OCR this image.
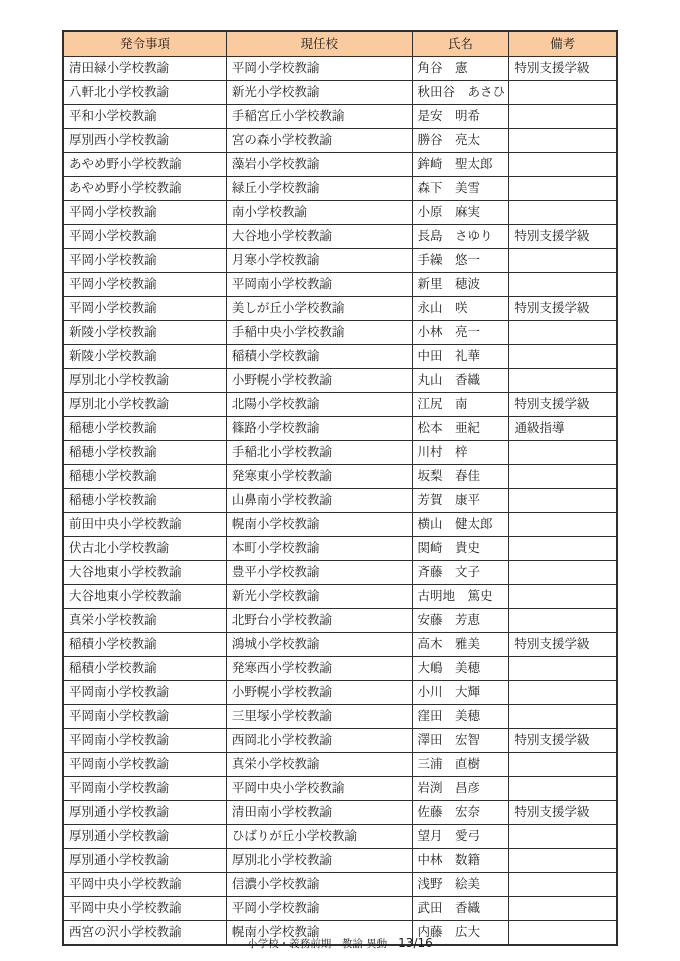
発令事項	現任校	氏名	備考
清田緑小学校教諭	平岡小学校教諭	角谷　憲	特別支援学級
八軒北小学校教諭	新光小学校教諭	秋田谷　あさひ	
平和小学校教諭	手稲宮丘小学校教諭	是安　明希	
厚別西小学校教諭	宮の森小学校教諭	勝谷　亮太	
あやめ野小学校教諭	藻岩小学校教諭	鉾崎　聖太郎	
あやめ野小学校教諭	緑丘小学校教諭	森下　美雪	
平岡小学校教諭	南小学校教諭	小原　麻実	
平岡小学校教諭	大谷地小学校教諭	長島　さゆり	特別支援学級
平岡小学校教諭	月寒小学校教諭	手繰　悠一	
平岡小学校教諭	平岡南小学校教諭	新里　穂波	
平岡小学校教諭	美しが丘小学校教諭	永山　咲	特別支援学級
新陵小学校教諭	手稲中央小学校教諭	小林　亮一	
新陵小学校教諭	稲積小学校教諭	中田　礼華	
厚別北小学校教諭	小野幌小学校教諭	丸山　香織	
厚別北小学校教諭	北陽小学校教諭	江尻　南	特別支援学級
稲穂小学校教諭	篠路小学校教諭	松本　亜紀	通級指導
稲穂小学校教諭	手稲北小学校教諭	川村　梓	
稲穂小学校教諭	発寒東小学校教諭	坂梨　春佳	
稲穂小学校教諭	山鼻南小学校教諭	芳賀　康平	
前田中央小学校教諭	幌南小学校教諭	横山　健太郎	
伏古北小学校教諭	本町小学校教諭	関崎　貴史	
大谷地東小学校教諭	豊平小学校教諭	斉藤　文子	
大谷地東小学校教諭	新光小学校教諭	古明地　篤史	
真栄小学校教諭	北野台小学校教諭	安藤　芳恵	
稲積小学校教諭	鴻城小学校教諭	高木　雅美	特別支援学級
稲積小学校教諭	発寒西小学校教諭	大嶋　美穂	
平岡南小学校教諭	小野幌小学校教諭	小川　大輝	
平岡南小学校教諭	三里塚小学校教諭	窪田　美穂	
平岡南小学校教諭	西岡北小学校教諭	澤田　宏智	特別支援学級
平岡南小学校教諭	真栄小学校教諭	三浦　直樹	
平岡南小学校教諭	平岡中央小学校教諭	岩渕　昌彦	
厚別通小学校教諭	清田南小学校教諭	佐藤　宏奈	特別支援学級
厚別通小学校教諭	ひばりが丘小学校教諭	望月　愛弓	
厚別通小学校教諭	厚別北小学校教諭	中林　数籍	
平岡中央小学校教諭	信濃小学校教諭	浅野　絵美	
平岡中央小学校教諭	平岡小学校教諭	武田　香織	
西宮の沢小学校教諭	幌南小学校教諭	内藤　広大	
小学校・義務前期　教諭 異動 13/16
